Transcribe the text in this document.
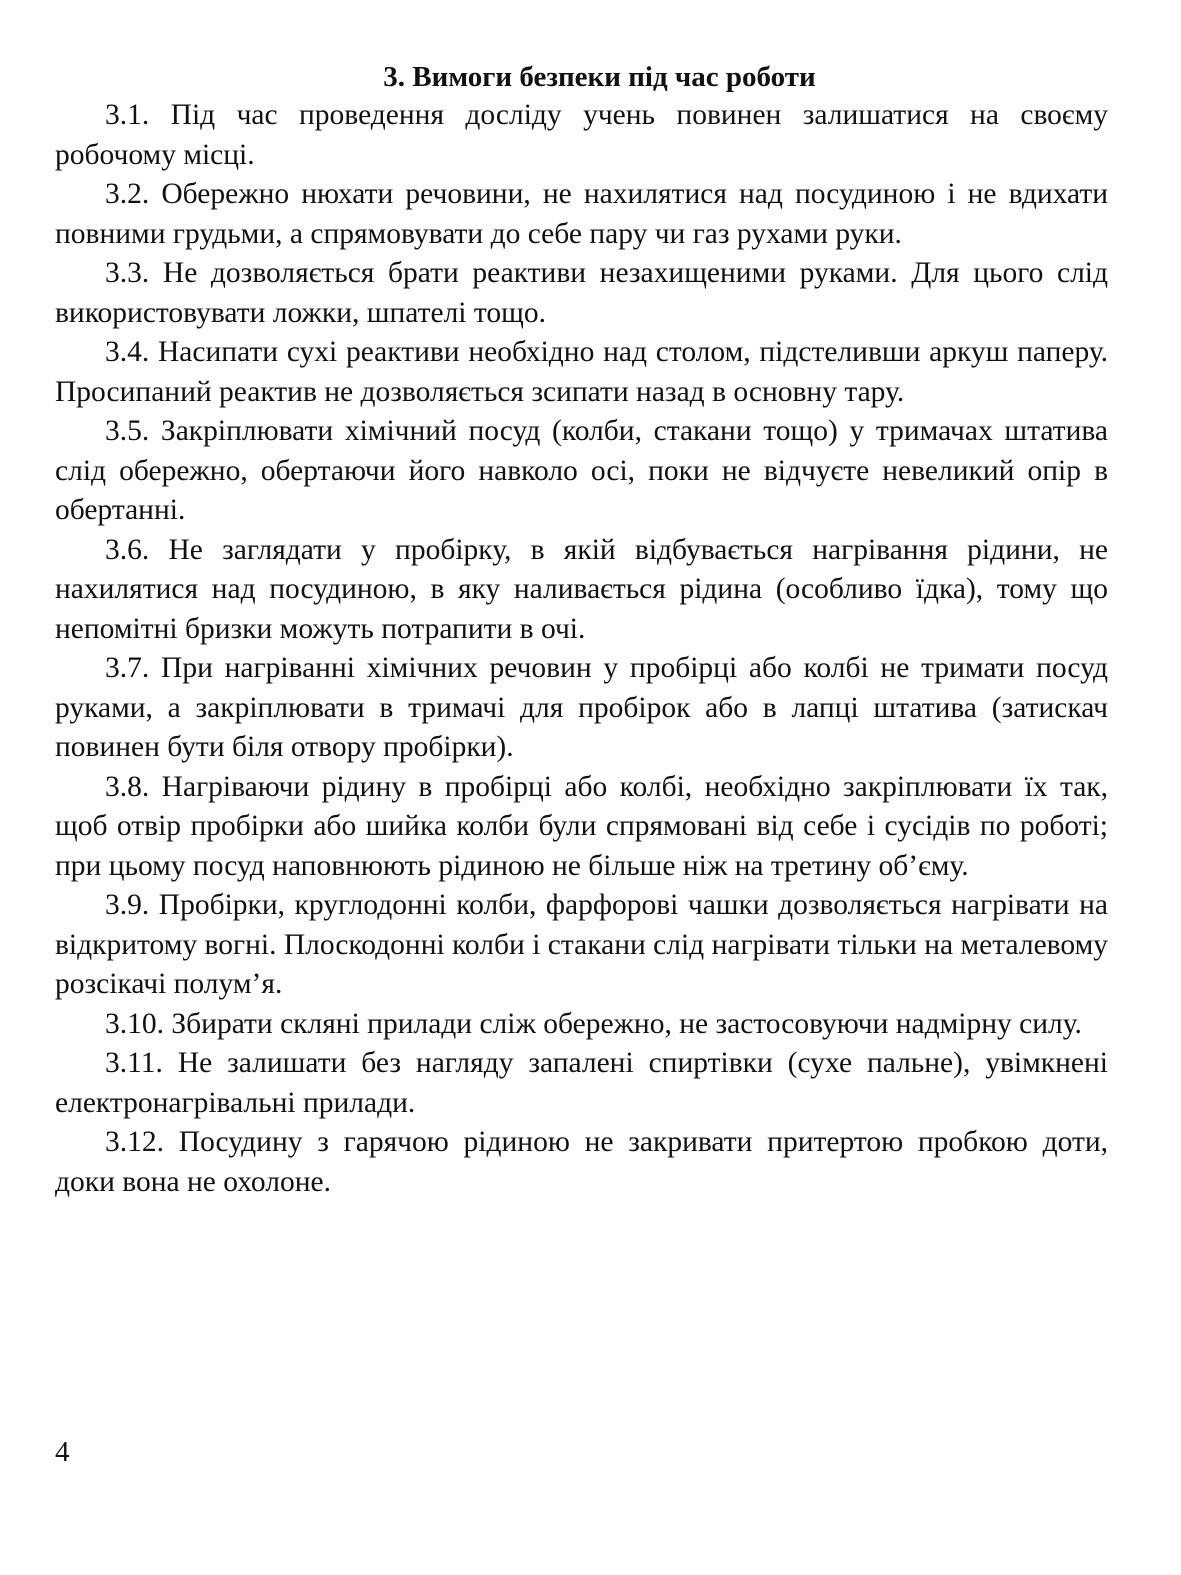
3. Вимоги безпеки під час роботи

3.1. Під час проведення досліду учень повинен залишатися на своєму робочому місці.

3.2. Обережно нюхати речовини, не нахилятися над посудиною і не вдихати повними грудьми, а спрямовувати до себе пару чи газ рухами руки.

3.3. Не дозволяється брати реактиви незахищеними руками. Для цього слід використовувати ложки, шпателі тощо.

3.4. Насипати сухі реактиви необхідно над столом, підстеливши аркуш паперу. Просипаний реактив не дозволяється зсипати назад в основну тару.

3.5. Закріплювати хімічний посуд (колби, стакани тощо) у тримачах штатива слід обережно, обертаючи його навколо осі, поки не відчуєте невеликий опір в обертанні.

3.6. Не заглядати у пробірку, в якій відбувається нагрівання рідини, не нахилятися над посудиною, в яку наливається рідина (особливо їдка), тому що непомітні бризки можуть потрапити в очі.

3.7. При нагріванні хімічних речовин у пробірці або колбі не тримати посуд руками, а закріплювати в тримачі для пробірок або в лапці штатива (затискач повинен бути біля отвору пробірки).

3.8. Нагріваючи рідину в пробірці або колбі, необхідно закріплювати їх так, щоб отвір пробірки або шийка колби були спрямовані від себе і сусідів по роботі; при цьому посуд наповнюють рідиною не більше ніж на третину об’єму.

3.9. Пробірки, круглодонні колби, фарфорові чашки дозволяється нагрівати на відкритому вогні. Плоскодонні колби і стакани слід нагрівати тільки на металевому розсікачі полум’я.

3.10. Збирати скляні прилади сліж обережно, не застосовуючи надмірну силу.

3.11. Не залишати без нагляду запалені спиртівки (сухе пальне), увімкнені електронагрівальні прилади.

3.12. Посудину з гарячою рідиною не закривати притертою пробкою доти, доки вона не охолоне.

4
